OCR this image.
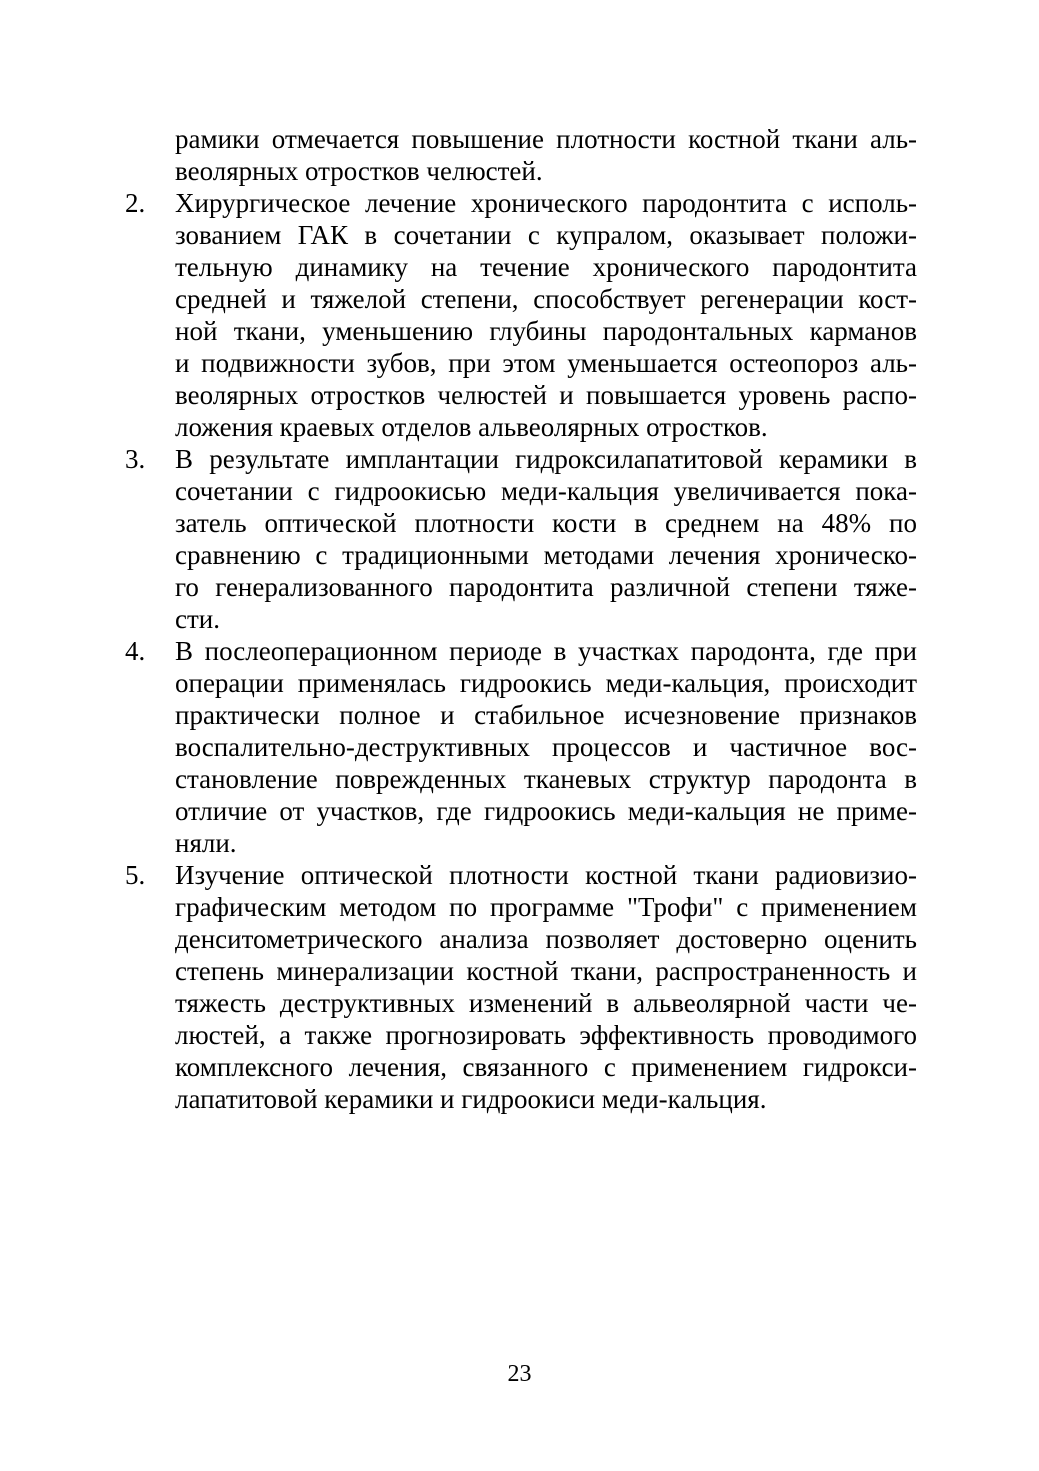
рамики отмечается повышение плотности костной ткани аль-
веолярных отростков челюстей.
2.	Хирургическое лечение хронического пародонтита с исполь-
зованием ГАК в сочетании с купралом, оказывает положи-
тельную динамику на течение хронического пародонтита
средней и тяжелой степени, способствует регенерации кост-
ной ткани, уменьшению глубины пародонтальных карманов
и подвижности зубов, при этом уменьшается остеопороз аль-
веолярных отростков челюстей и повышается уровень распо-
ложения краевых отделов альвеолярных отростков.
3.	В результате имплантации гидроксилапатитовой керамики в
сочетании с гидроокисью меди-кальция увеличивается пока-
затель оптической плотности кости в среднем на 48% по
сравнению с традиционными методами лечения хроническо-
го генерализованного пародонтита различной степени тяже-
сти.
4.	В послеоперационном периоде в участках пародонта, где при
операции применялась гидроокись меди-кальция, происходит
практически полное и стабильное исчезновение признаков
воспалительно-деструктивных процессов и частичное вос-
становление поврежденных тканевых структур пародонта в
отличие от участков, где гидроокись меди-кальция не приме-
няли.
5.	Изучение оптической плотности костной ткани радиовизио-
графическим методом по программе "Трофи" с применением
денситометрического анализа позволяет достоверно оценить
степень минерализации костной ткани, распространенность и
тяжесть деструктивных изменений в альвеолярной части че-
люстей, а также прогнозировать эффективность проводимого
комплексного лечения, связанного с применением гидрокси-
лапатитовой керамики и гидроокиси меди-кальция.
23
